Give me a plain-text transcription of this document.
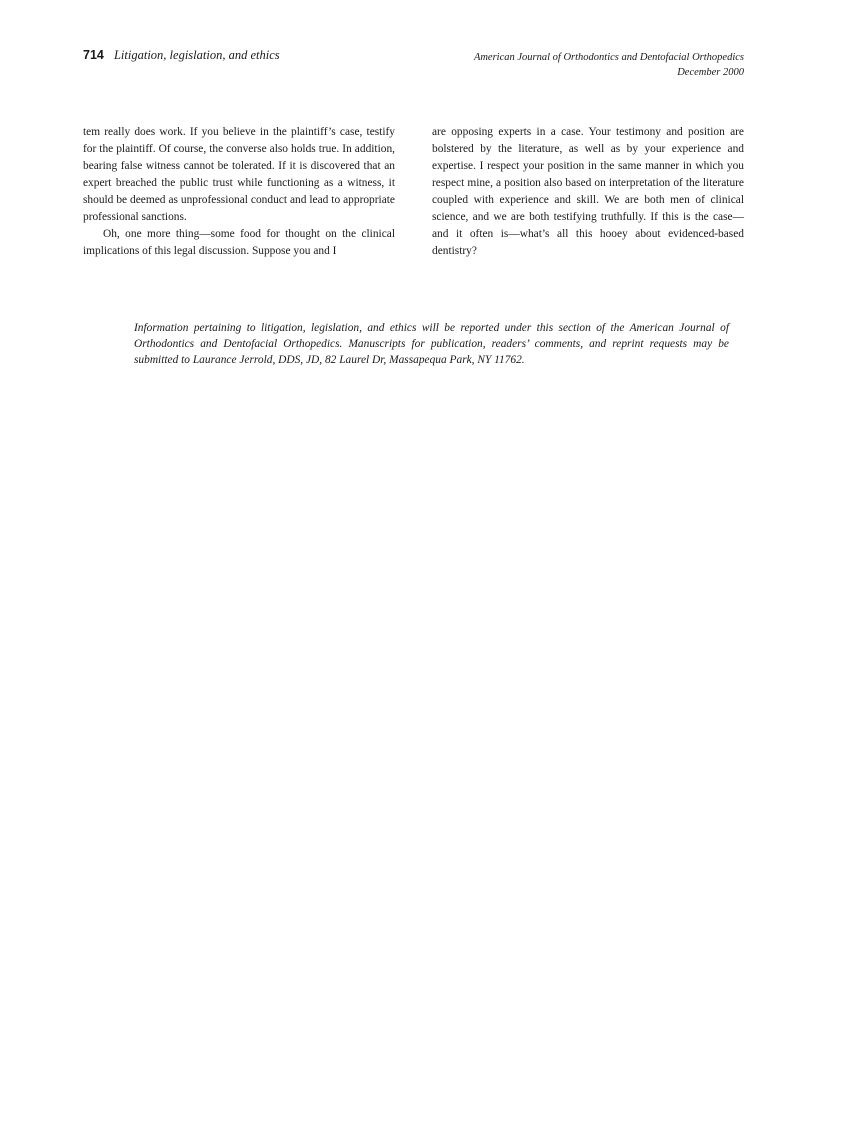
714 Litigation, legislation, and ethics	American Journal of Orthodontics and Dentofacial Orthopedics
December 2000

tem really does work. If you believe in the plaintiff’s case, testify for the plaintiff. Of course, the converse also holds true. In addition, bearing false witness cannot be tolerated. If it is discovered that an expert breached the public trust while functioning as a witness, it should be deemed as unprofessional conduct and lead to appropriate professional sanctions.

Oh, one more thing—some food for thought on the clinical implications of this legal discussion. Suppose you and I

are opposing experts in a case. Your testimony and position are bolstered by the literature, as well as by your experience and expertise. I respect your position in the same manner in which you respect mine, a position also based on interpretation of the literature coupled with experience and skill. We are both men of clinical science, and we are both testifying truthfully. If this is the case—and it often is—what’s all this hooey about evidenced-based dentistry?

Information pertaining to litigation, legislation, and ethics will be reported under this section of the American Journal of Orthodontics and Dentofacial Orthopedics. Manuscripts for publication, readers’ comments, and reprint requests may be submitted to Laurance Jerrold, DDS, JD, 82 Laurel Dr, Massapequa Park, NY 11762.
